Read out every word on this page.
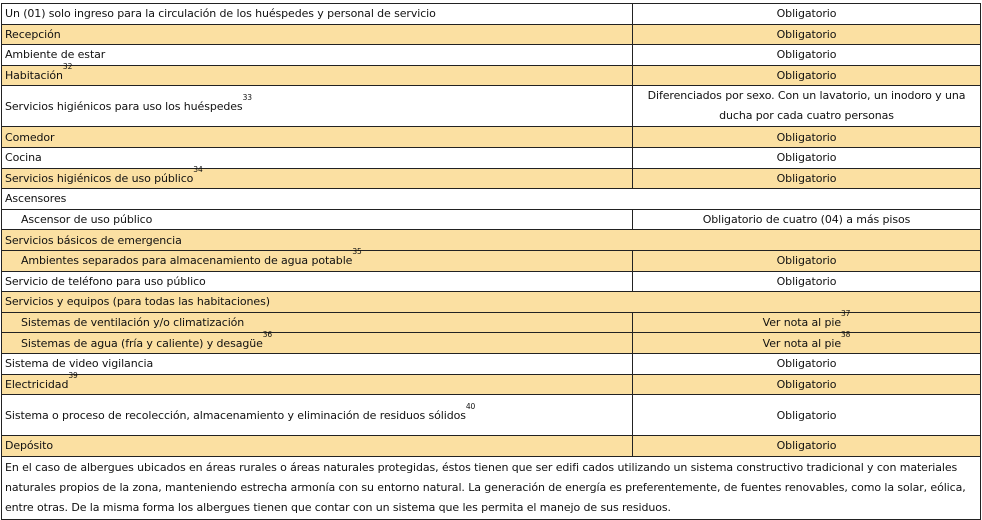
Un (01) solo ingreso para la circulación de los huéspedes y personal de servicio	Obligatorio
Recepción	Obligatorio
Ambiente de estar	Obligatorio
Habitación$^{32}$	Obligatorio
Servicios higiénicos para uso los huéspedes$^{33}$	Diferenciados por sexo. Con un lavatorio, un inodoro y una ducha por cada cuatro personas
Comedor	Obligatorio
Cocina	Obligatorio
Servicios higiénicos de uso público$^{34}$	Obligatorio
Ascensores	
Ascensor de uso público	Obligatorio de cuatro (04) a más pisos
Servicios básicos de emergencia	
Ambientes separados para almacenamiento de agua potable$^{35}$	Obligatorio
Servicio de teléfono para uso público	Obligatorio
Servicios y equipos (para todas las habitaciones)	
Sistemas de ventilación y/o climatización	Ver nota al pie$^{37}$
Sistemas de agua (fría y caliente) y desagüe$^{36}$	Ver nota al pie$^{38}$
Sistema de video vigilancia	Obligatorio
Electricidad$^{39}$	Obligatorio
Sistema o proceso de recolección, almacenamiento y eliminación de residuos sólidos$^{40}$	Obligatorio
Depósito	Obligatorio
En el caso de albergues ubicados en áreas rurales o áreas naturales protegidas, éstos tienen que ser edifi cados utilizando un sistema constructivo tradicional y con materiales naturales propios de la zona, manteniendo estrecha armonía con su entorno natural. La generación de energía es preferentemente, de fuentes renovables, como la solar, eólica, entre otras. De la misma forma los albergues tienen que contar con un sistema que les permita el manejo de sus residuos.	
